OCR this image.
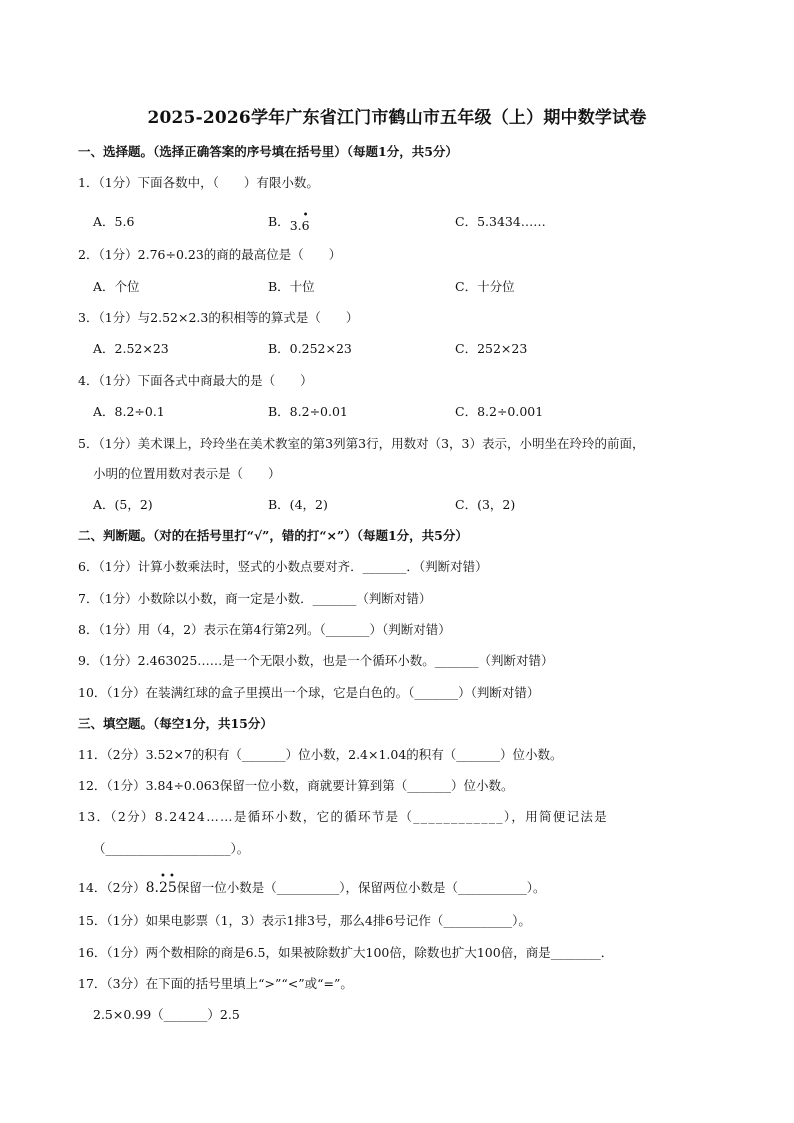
2025-2026学年广东省江门市鹤山市五年级（上）期中数学试卷
一、选择题。（选择正确答案的序号填在括号里）（每题1分，共5分）
1．（1分）下面各数中，（　　）有限小数。
A．5.6	B．3.
•
6	C．5.3434……
2．（1分）2.76÷0.23的商的最高位是（　　）
A．个位	B．十位	C．十分位
3．（1分）与2.52×2.3的积相等的算式是（　　）
A．2.52×23	B．0.252×23	C．252×23
4．（1分）下面各式中商最大的是（　　）
A．8.2÷0.1	B．8.2÷0.01	C．8.2÷0.001
5．（1分）美术课上，玲玲坐在美术教室的第3列第3行，用数对（3，3）表示，小明坐在玲玲的前面，
小明的位置用数对表示是（　　）
A．(5，2)	B．(4，2)	C．(3，2)
二、判断题。（对的在括号里打“√”，错的打“×”）（每题1分，共5分）
6．（1分）计算小数乘法时，竖式的小数点要对齐．_______．（判断对错）
7．（1分）小数除以小数，商一定是小数．_______（判断对错）
8．（1分）用（4，2）表示在第4行第2列。（_______）（判断对错）
9．（1分）2.463025……是一个无限小数，也是一个循环小数。_______（判断对错）
10．（1分）在装满红球的盒子里摸出一个球，它是白色的。（_______）（判断对错）
三、填空题。（每空1分，共15分）
11．（2分）3.52×7的积有（_______）位小数，2.4×1.04的积有（_______）位小数。
12．（1分）3.84÷0.063保留一位小数，商就要计算到第（_______）位小数。
13．（2分）8.2424……是循环小数，它的循环节是（____________），用简便记法是
（____________________）。
14．（2分）8.
• •
25保留一位小数是（__________），保留两位小数是（___________）。
15．（1分）如果电影票（1，3）表示1排3号，那么4排6号记作（___________）。
16．（1分）两个数相除的商是6.5，如果被除数扩大100倍，除数也扩大100倍，商是________．
17．（3分）在下面的括号里填上“>”“<”或“=”。
2.5×0.99（_______）2.5
